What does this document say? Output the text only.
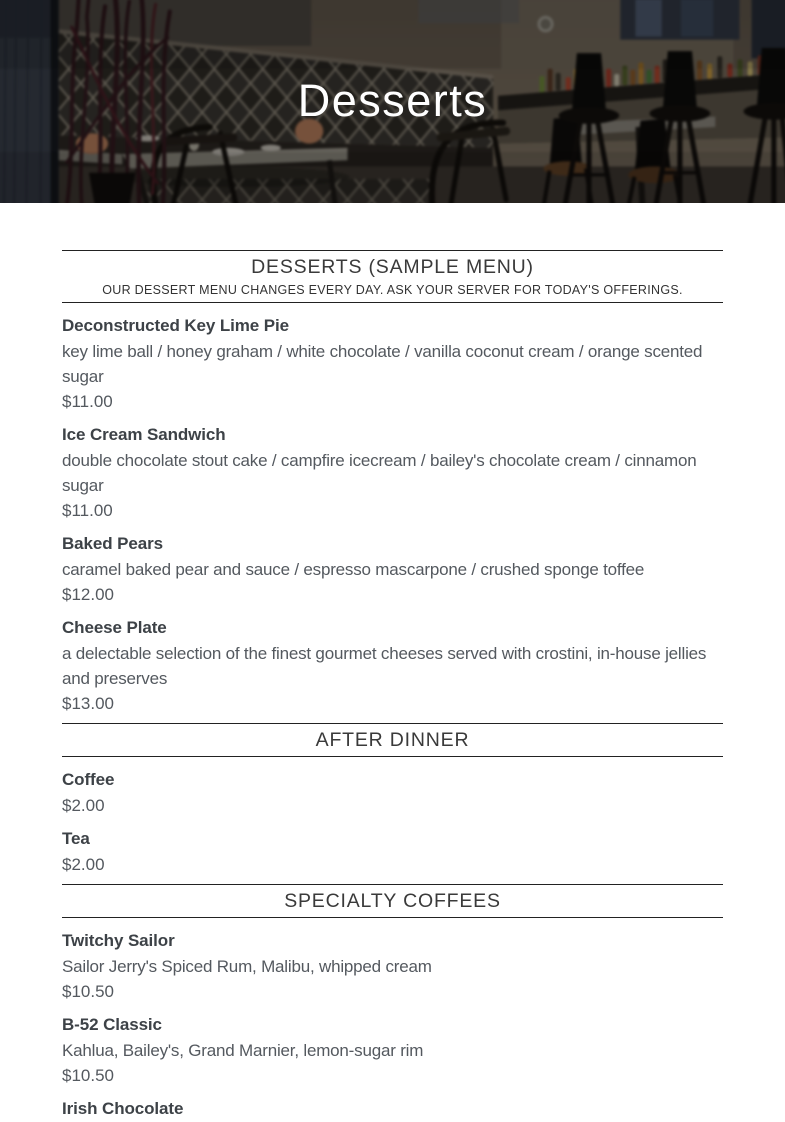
Desserts
DESSERTS (SAMPLE MENU)
OUR DESSERT MENU CHANGES EVERY DAY. ASK YOUR SERVER FOR TODAY'S OFFERINGS.
Deconstructed Key Lime Pie
key lime ball / honey graham / white chocolate / vanilla coconut cream / orange scented sugar
$11.00
Ice Cream Sandwich
double chocolate stout cake / campfire icecream / bailey's chocolate cream / cinnamon sugar
$11.00
Baked Pears
caramel baked pear and sauce / espresso mascarpone / crushed sponge toffee
$12.00
Cheese Plate
a delectable selection of the finest gourmet cheeses served with crostini, in-house jellies and preserves
$13.00
AFTER DINNER
Coffee
$2.00
Tea
$2.00
SPECIALTY COFFEES
Twitchy Sailor
Sailor Jerry's Spiced Rum, Malibu, whipped cream
$10.50
B-52 Classic
Kahlua, Bailey's, Grand Marnier, lemon-sugar rim
$10.50
Irish Chocolate
